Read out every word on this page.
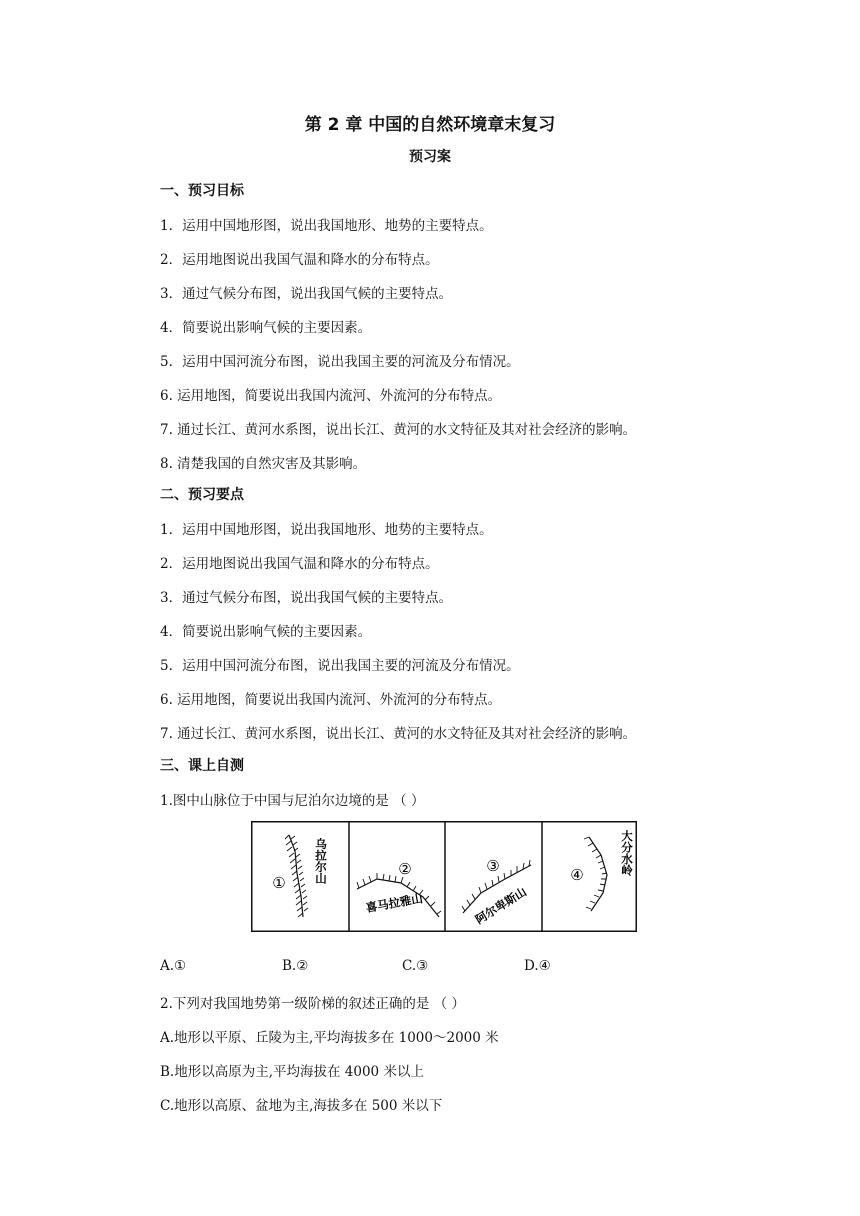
第 2 章 中国的自然环境章末复习
预习案
一、预习目标
1．运用中国地形图，说出我国地形、地势的主要特点。
2．运用地图说出我国气温和降水的分布特点。
3．通过气候分布图，说出我国气候的主要特点。
4．简要说出影响气候的主要因素。
5．运用中国河流分布图，说出我国主要的河流及分布情况。
6. 运用地图，简要说出我国内流河、外流河的分布特点。
7. 通过长江、黄河水系图，说出长江、黄河的水文特征及其对社会经济的影响。
8. 清楚我国的自然灾害及其影响。
二、预习要点
1．运用中国地形图，说出我国地形、地势的主要特点。
2．运用地图说出我国气温和降水的分布特点。
3．通过气候分布图，说出我国气候的主要特点。
4．简要说出影响气候的主要因素。
5．运用中国河流分布图，说出我国主要的河流及分布情况。
6. 运用地图，简要说出我国内流河、外流河的分布特点。
7. 通过长江、黄河水系图，说出长江、黄河的水文特征及其对社会经济的影响。
三、课上自测
1.图中山脉位于中国与尼泊尔边境的是 （ ）
① 乌拉尔山	②
喜马拉雅山
③
阿尔卑斯山
④	大分水岭
A.①	B.②	C.③	D.④
2.下列对我国地势第一级阶梯的叙述正确的是 （ ）
A.地形以平原、丘陵为主,平均海拔多在 1000～2000 米
B.地形以高原为主,平均海拔在 4000 米以上
C.地形以高原、盆地为主,海拔多在 500 米以下
